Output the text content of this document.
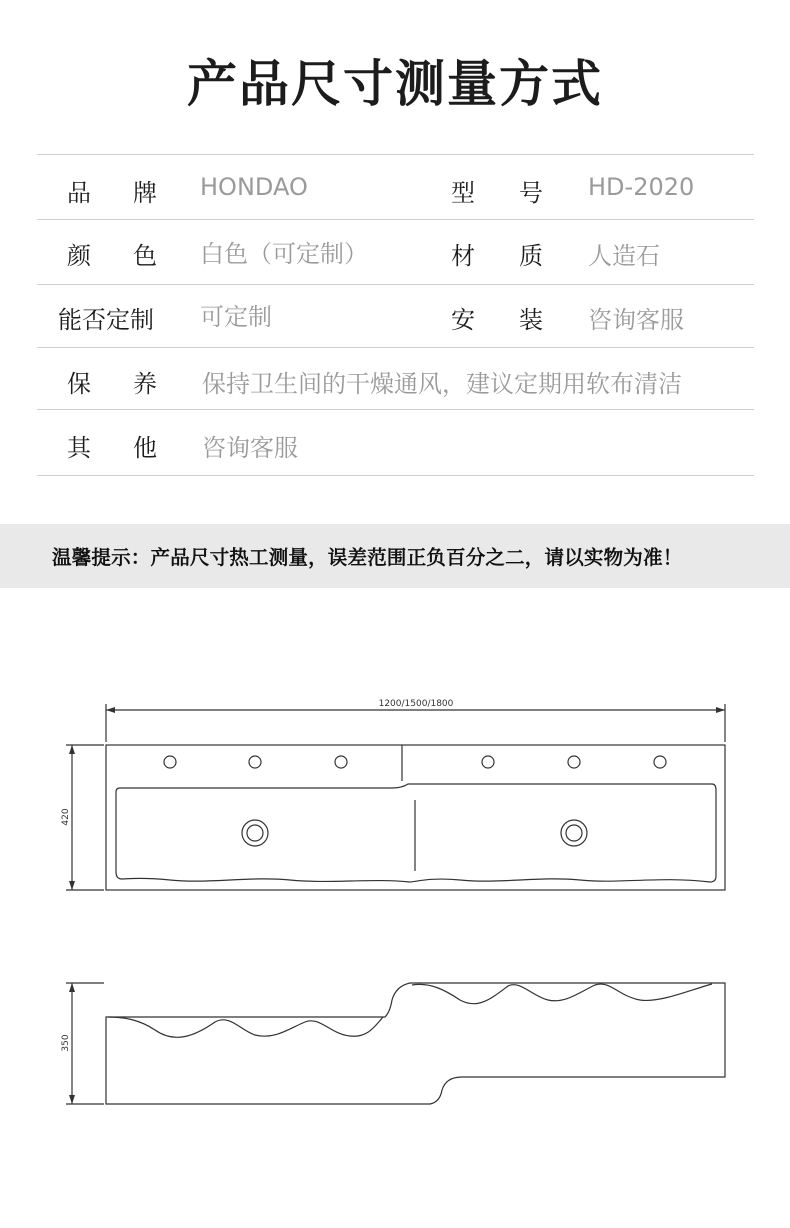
产品尺寸测量方式
品 牌 HONDAO	型 号 HD-2020
颜 色 白色（可定制）	材 质 人造石
能否定制 可定制	安 装 咨询客服
保 养 保持卫生间的干燥通风，建议定期用软布清洁
其 他 咨询客服
温馨提示：产品尺寸热工测量，误差范围正负百分之二，请以实物为准！
1200/1500/1800
420
350
